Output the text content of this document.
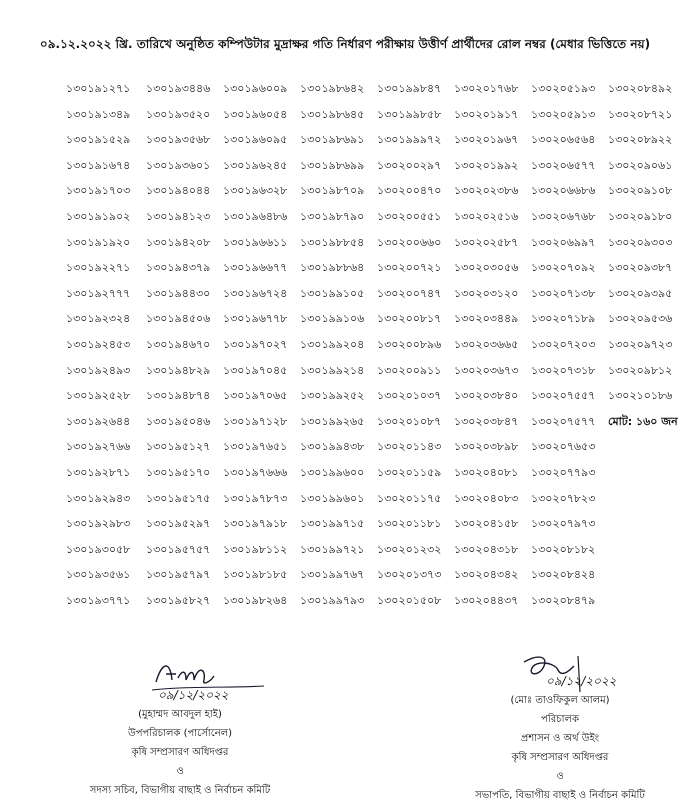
০৯.১২.২০২২ খ্রি. তারিখে অনুষ্ঠিত কম্পিউটার মুদ্রাক্ষর গতি নির্ধারণ পরীক্ষায় উত্তীর্ণ প্রার্থীদের রোল নম্বর (মেধার ভিত্তিতে নয়)
১৩০১৯১২৭১	১৩০১৯৩৪৪৬	১৩০১৯৬০০৯	১৩০১৯৮৬৪২	১৩০১৯৯৮৪৭	১৩০২০১৭৬৮	১৩০২০৫১৯৩	১৩০২০৮৪৯২
১৩০১৯১৩৪৯	১৩০১৯৩৫২০	১৩০১৯৬০৫৪	১৩০১৯৮৬৪৫	১৩০১৯৯৮৫৮	১৩০২০১৯১৭	১৩০২০৫৯১৩	১৩০২০৮৭২১
১৩০১৯১৫২৯	১৩০১৯৩৫৬৮	১৩০১৯৬০৯৫	১৩০১৯৮৬৯১	১৩০১৯৯৯৭২	১৩০২০১৯৬৭	১৩০২০৬৫৬৪	১৩০২০৮৯২২
১৩০১৯১৬৭৪	১৩০১৯৩৬০১	১৩০১৯৬২৪৫	১৩০১৯৮৬৯৯	১৩০২০০২৯৭	১৩০২০১৯৯২	১৩০২০৬৫৭৭	১৩০২০৯০৬১
১৩০১৯১৭০৩	১৩০১৯৪০৪৪	১৩০১৯৬৩২৮	১৩০১৯৮৭০৯	১৩০২০০৪৭০	১৩০২০২৩৮৬	১৩০২০৬৬৮৬	১৩০২০৯১০৮
১৩০১৯১৯০২	১৩০১৯৪১২৩	১৩০১৯৬৪৮৬	১৩০১৯৮৭৯০	১৩০২০০৫৫১	১৩০২০২৫১৬	১৩০২০৬৭৬৮	১৩০২০৯১৮০
১৩০১৯১৯২০	১৩০১৯৪২০৮	১৩০১৯৬৬১১	১৩০১৯৮৮৫৪	১৩০২০০৬৬০	১৩০২০২৫৮৭	১৩০২০৬৯৯৭	১৩০২০৯৩০৩
১৩০১৯২২৭১	১৩০১৯৪৩৭৯	১৩০১৯৬৬৭৭	১৩০১৯৮৮৬৪	১৩০২০০৭২১	১৩০২০৩০৫৬	১৩০২০৭০৯২	১৩০২০৯৩৮৭
১৩০১৯২৭৭৭	১৩০১৯৪৪৩০	১৩০১৯৬৭২৪	১৩০১৯৯১০৫	১৩০২০০৭৪৭	১৩০২০৩১২০	১৩০২০৭১৩৮	১৩০২০৯৩৯৫
১৩০১৯২৩২৪	১৩০১৯৪৫০৬	১৩০১৯৬৭৭৮	১৩০১৯৯১০৬	১৩০২০০৮১৭	১৩০২০৩৪৪৯	১৩০২০৭১৮৯	১৩০২০৯৫৩৬
১৩০১৯২৪৫৩	১৩০১৯৪৬৭০	১৩০১৯৭০২৭	১৩০১৯৯২০৪	১৩০২০০৮৯৬	১৩০২০৩৬৬৫	১৩০২০৭২০৩	১৩০২০৯৭২৩
১৩০১৯২৪৯৩	১৩০১৯৪৮২৯	১৩০১৯৭০৪৫	১৩০১৯৯২১৪	১৩০২০০৯১১	১৩০২০৩৬৭৩	১৩০২০৭৩১৮	১৩০২০৯৮১২
১৩০১৯২৫২৮	১৩০১৯৪৮৭৪	১৩০১৯৭০৬৫	১৩০১৯৯২৫২	১৩০২০১০৩৭	১৩০২০৩৮৪০	১৩০২০৭৫৫৭	১৩০২১০১৮৬
১৩০১৯২৬৪৪	১৩০১৯৫০৪৬	১৩০১৯৭১২৮	১৩০১৯৯২৬৫	১৩০২০১০৮৭	১৩০২০৩৮৪৭	১৩০২০৭৫৭৭	মোট: ১৬০ জন
১৩০১৯২৭৬৬	১৩০১৯৫১২৭	১৩০১৯৭৬৫১	১৩০১৯৯৪৩৮	১৩০২০১১৪৩	১৩০২০৩৮৯৮	১৩০২০৭৬৫৩	
১৩০১৯২৮৭১	১৩০১৯৫১৭০	১৩০১৯৭৬৬৬	১৩০১৯৯৬০০	১৩০২০১১৫৯	১৩০২০৪০৮১	১৩০২০৭৭৯৩	
১৩০১৯২৯৪৩	১৩০১৯৫১৭৫	১৩০১৯৭৮৭৩	১৩০১৯৯৬০১	১৩০২০১১৭৫	১৩০২০৪০৮৩	১৩০২০৭৮২৩	
১৩০১৯২৯৮৩	১৩০১৯৫২৯৭	১৩০১৯৭৯১৮	১৩০১৯৯৭১৫	১৩০২০১১৮১	১৩০২০৪১৫৮	১৩০২০৭৯৭৩	
১৩০১৯৩০৫৮	১৩০১৯৫৭৫৭	১৩০১৯৮১১২	১৩০১৯৯৭২১	১৩০২০১২৩২	১৩০২০৪৩১৮	১৩০২০৮১৮২	
১৩০১৯৩৫৬১	১৩০১৯৫৭৯৭	১৩০১৯৮১৮৫	১৩০১৯৯৭৬৭	১৩০২০১৩৭৩	১৩০২০৪৩৪২	১৩০২০৮৪২৪	
১৩০১৯৩৭৭১	১৩০১৯৫৮২৭	১৩০১৯৮২৬৪	১৩০১৯৯৭৯৩	১৩০২০১৫০৮	১৩০২০৪৪৩৭	১৩০২০৮৪৭৯	
০৯/১২/২০২২
(মুহাম্মদ আবদুল হাই)
উপপরিচালক (পার্সোনেল)
কৃষি সম্প্রসারণ অধিদপ্তর
ও
সদস্য সচিব, বিভাগীয় বাছাই ও নির্বাচন কমিটি
০৯/১২/২০২২
(মোঃ তাওফিকুল আলম)
পরিচালক
প্রশাসন ও অর্থ উইং
কৃষি সম্প্রসারণ অধিদপ্তর
ও
সভাপতি, বিভাগীয় বাছাই ও নির্বাচন কমিটি
